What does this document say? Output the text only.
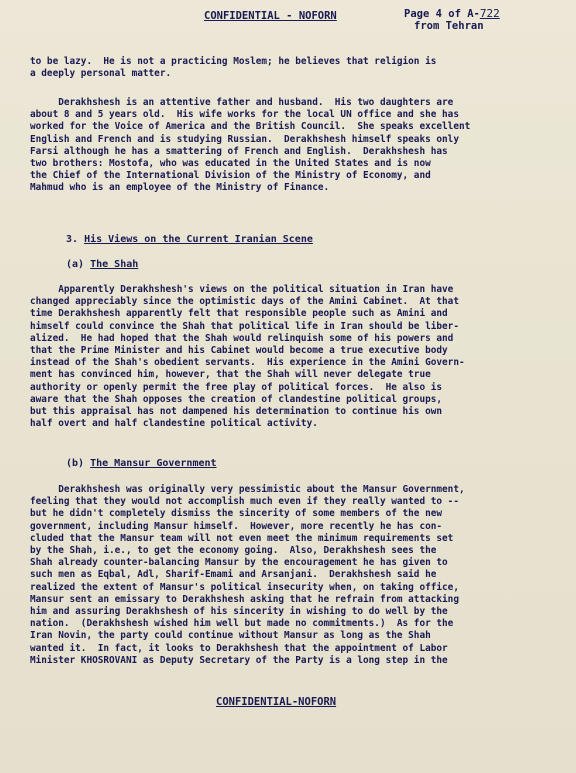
CONFIDENTIAL - NOFORN	Page 4 of A-722
from Tehran
to be lazy.  He is not a practicing Moslem; he believes that religion is
a deeply personal matter.
Derakhshesh is an attentive father and husband.  His two daughters are
about 8 and 5 years old.  His wife works for the local UN office and she has
worked for the Voice of America and the British Council.  She speaks excellent
English and French and is studying Russian.  Derakhshesh himself speaks only
Farsi although he has a smattering of French and English.  Derakhshesh has
two brothers: Mostofa, who was educated in the United States and is now
the Chief of the International Division of the Ministry of Economy, and
Mahmud who is an employee of the Ministry of Finance.
3. His Views on the Current Iranian Scene
(a) The Shah
Apparently Derakhshesh's views on the political situation in Iran have
changed appreciably since the optimistic days of the Amini Cabinet.  At that
time Derakhshesh apparently felt that responsible people such as Amini and
himself could convince the Shah that political life in Iran should be liber-
alized.  He had hoped that the Shah would relinquish some of his powers and
that the Prime Minister and his Cabinet would become a true executive body
instead of the Shah's obedient servants.  His experience in the Amini Govern-
ment has convinced him, however, that the Shah will never delegate true
authority or openly permit the free play of political forces.  He also is
aware that the Shah opposes the creation of clandestine political groups,
but this appraisal has not dampened his determination to continue his own
half overt and half clandestine political activity.
(b) The Mansur Government
Derakhshesh was originally very pessimistic about the Mansur Government,
feeling that they would not accomplish much even if they really wanted to --
but he didn't completely dismiss the sincerity of some members of the new
government, including Mansur himself.  However, more recently he has con-
cluded that the Mansur team will not even meet the minimum requirements set
by the Shah, i.e., to get the economy going.  Also, Derakhshesh sees the
Shah already counter-balancing Mansur by the encouragement he has given to
such men as Eqbal, Adl, Sharif-Emami and Arsanjani.  Derakhshesh said he
realized the extent of Mansur's political insecurity when, on taking office,
Mansur sent an emissary to Derakhshesh asking that he refrain from attacking
him and assuring Derakhshesh of his sincerity in wishing to do well by the
nation.  (Derakhshesh wished him well but made no commitments.)  As for the
Iran Novin, the party could continue without Mansur as long as the Shah
wanted it.  In fact, it looks to Derakhshesh that the appointment of Labor
Minister KHOSROVANI as Deputy Secretary of the Party is a long step in the
CONFIDENTIAL-NOFORN
